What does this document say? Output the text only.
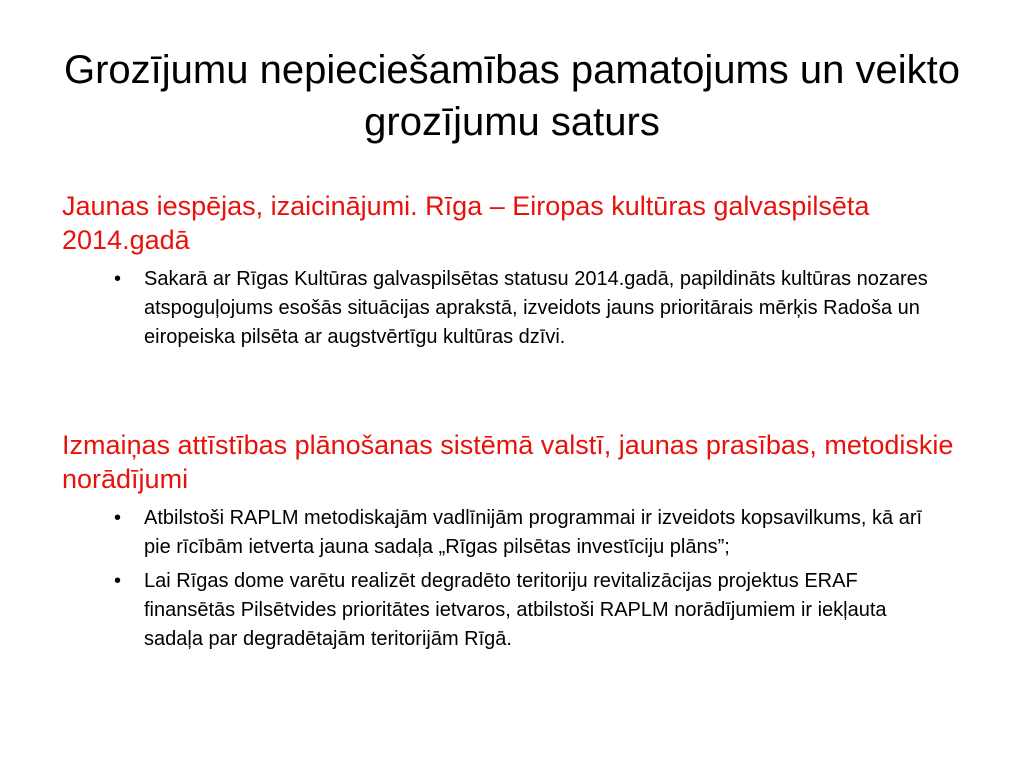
Grozījumu nepieciešamības pamatojums un veikto grozījumu saturs
Jaunas iespējas, izaicinājumi. Rīga – Eiropas kultūras galvaspilsēta 2014.gadā
• Sakarā ar Rīgas Kultūras galvaspilsētas statusu 2014.gadā, papildināts kultūras nozares atspoguļojums esošās situācijas aprakstā, izveidots jauns prioritārais mērķis Radoša un eiropeiska pilsēta ar augstvērtīgu kultūras dzīvi.
Izmaiņas attīstības plānošanas sistēmā valstī, jaunas prasības, metodiskie norādījumi
• Atbilstoši RAPLM metodiskajām vadlīnijām programmai ir izveidots kopsavilkums, kā arī pie rīcībām ietverta jauna sadaļa „Rīgas pilsētas investīciju plāns”;
• Lai Rīgas dome varētu realizēt degradēto teritoriju revitalizācijas projektus ERAF finansētās Pilsētvides prioritātes ietvaros, atbilstoši RAPLM norādījumiem ir iekļauta sadaļa par degradētajām teritorijām Rīgā.
